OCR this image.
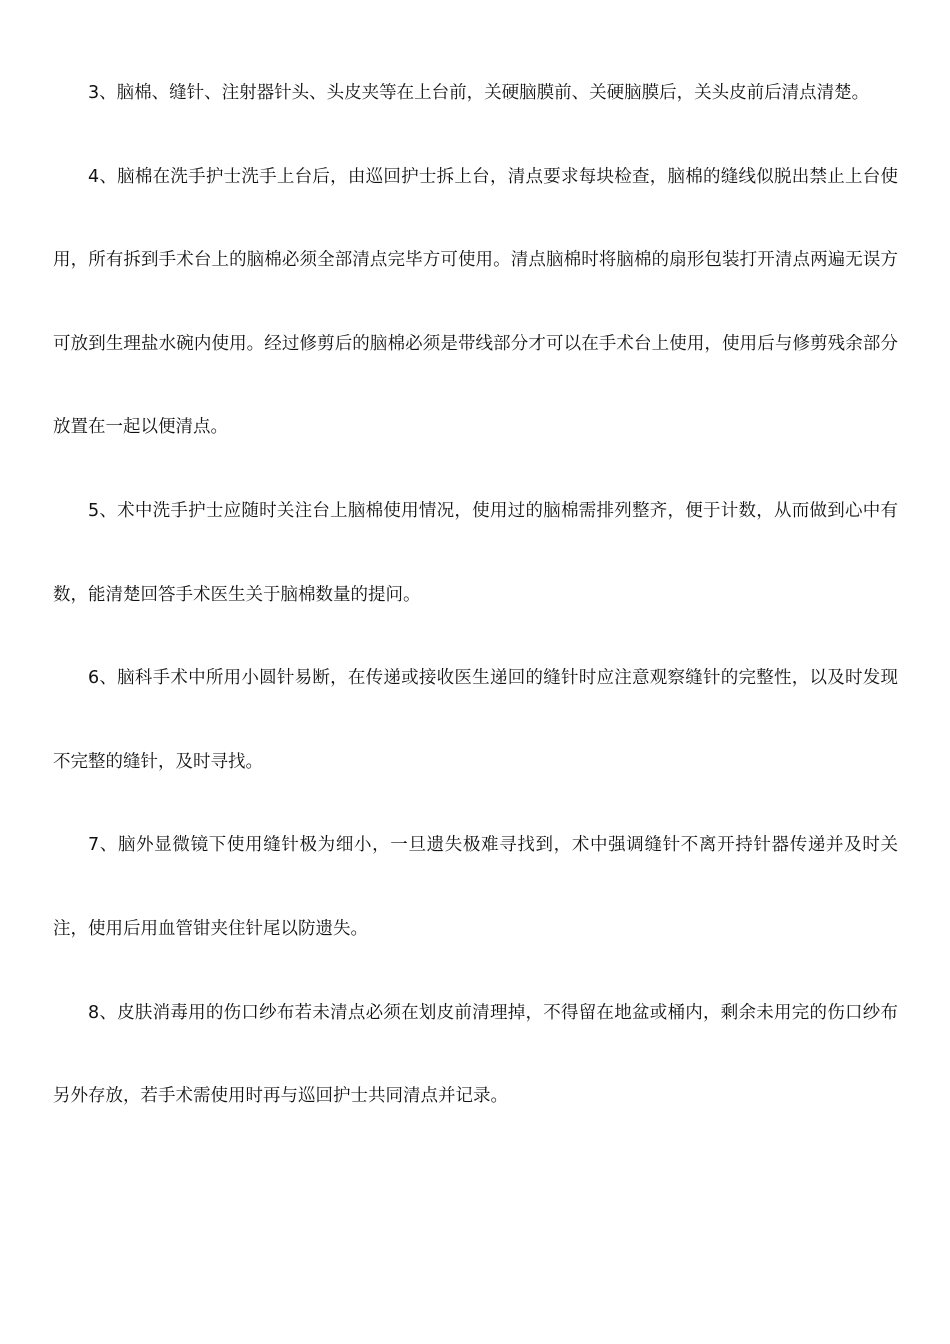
3、脑棉、缝针、注射器针头、头皮夹等在上台前，关硬脑膜前、关硬脑膜后，关头皮前后清点清楚。

4、脑棉在洗手护士洗手上台后，由巡回护士拆上台，清点要求每块检查，脑棉的缝线似脱出禁止上台使用，所有拆到手术台上的脑棉必须全部清点完毕方可使用。清点脑棉时将脑棉的扇形包装打开清点两遍无误方可放到生理盐水碗内使用。经过修剪后的脑棉必须是带线部分才可以在手术台上使用，使用后与修剪残余部分放置在一起以便清点。

5、术中洗手护士应随时关注台上脑棉使用情况，使用过的脑棉需排列整齐，便于计数，从而做到心中有数，能清楚回答手术医生关于脑棉数量的提问。

6、脑科手术中所用小圆针易断，在传递或接收医生递回的缝针时应注意观察缝针的完整性，以及时发现不完整的缝针，及时寻找。

7、脑外显微镜下使用缝针极为细小，一旦遗失极难寻找到，术中强调缝针不离开持针器传递并及时关注，使用后用血管钳夹住针尾以防遗失。

8、皮肤消毒用的伤口纱布若未清点必须在划皮前清理掉，不得留在地盆或桶内，剩余未用完的伤口纱布另外存放，若手术需使用时再与巡回护士共同清点并记录。
